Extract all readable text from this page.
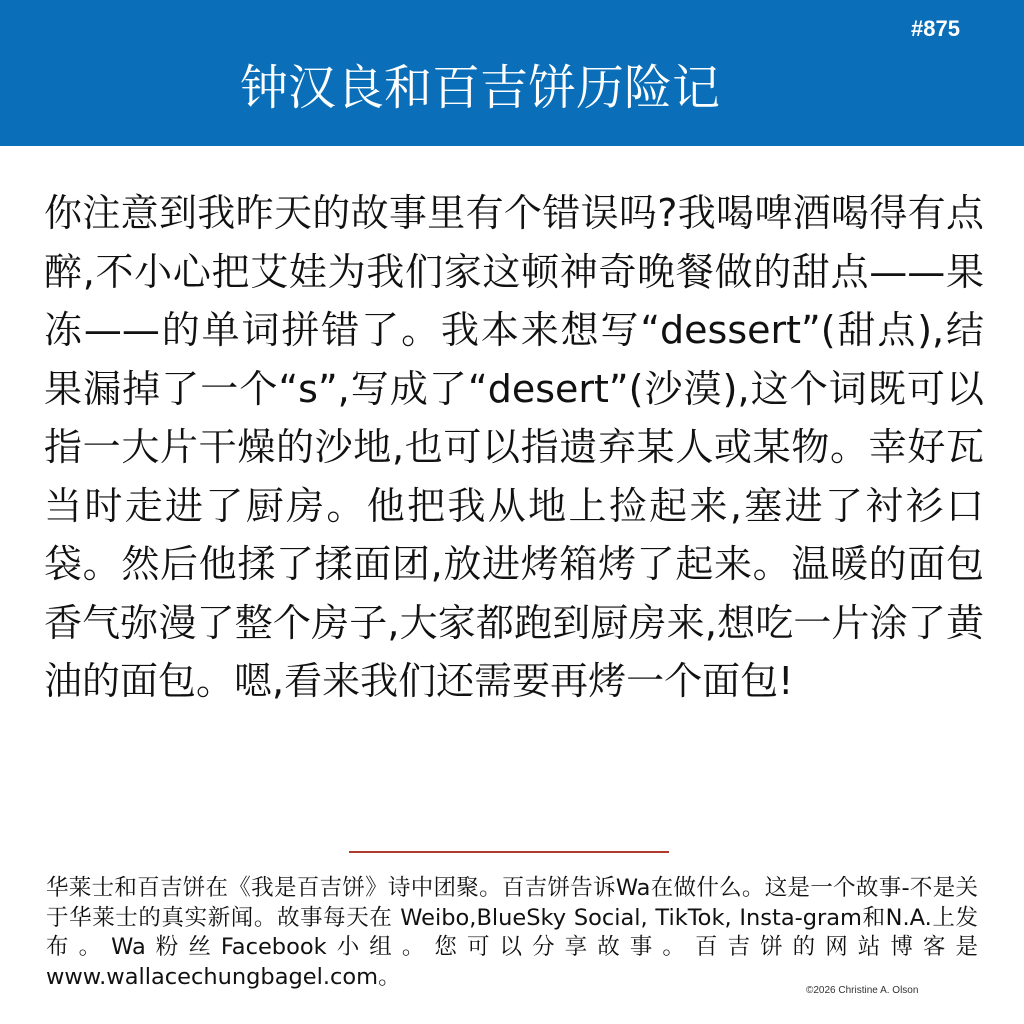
#875
钟汉良和百吉饼历险记

你注意到我昨天的故事里有个错误吗?我喝啤酒喝得有点醉,不小心把艾娃为我们家这顿神奇晚餐做的甜点——果冻——的单词拼错了。我本来想写“dessert”(甜点),结果漏掉了一个“s”,写成了“desert”(沙漠),这个词既可以指一大片干燥的沙地,也可以指遗弃某人或某物。幸好瓦当时走进了厨房。他把我从地上捡起来,塞进了衬衫口袋。然后他揉了揉面团,放进烤箱烤了起来。温暖的面包香气弥漫了整个房子,大家都跑到厨房来,想吃一片涂了黄油的面包。嗯,看来我们还需要再烤一个面包!

华莱士和百吉饼在《我是百吉饼》诗中团聚。百吉饼告诉Wa在做什么。这是一个故事-不是关于华莱士的真实新闻。故事每天在 Weibo,BlueSky Social, TikTok, Insta-gram和N.A.上发布。Wa粉丝Facebook小组。您可以分享故事。百吉饼的网站博客是www.wallacechungbagel.com。

©2026 Christine A. Olson
